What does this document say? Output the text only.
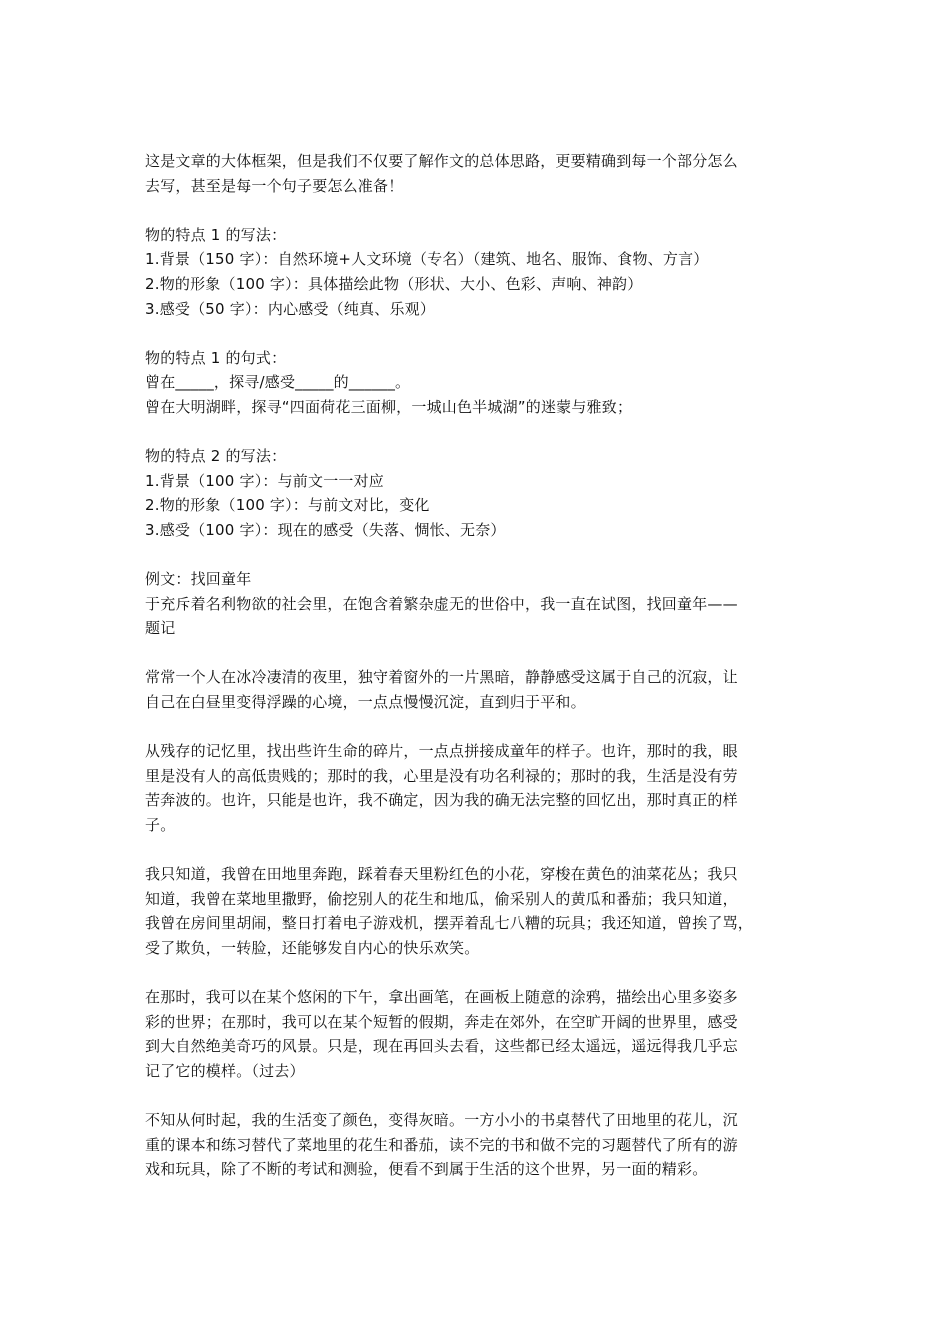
这是文章的大体框架，但是我们不仅要了解作文的总体思路，更要精确到每一个部分怎么
去写，甚至是每一个句子要怎么准备！
物的特点 1 的写法：
1.背景（150 字）：自然环境+人文环境（专名）（建筑、地名、服饰、食物、方言）
2.物的形象（100 字）：具体描绘此物（形状、大小、色彩、声响、神韵）
3.感受（50 字）：内心感受（纯真、乐观）
物的特点 1 的句式：
曾在_____，探寻/感受_____的______。
曾在大明湖畔，探寻“四面荷花三面柳，一城山色半城湖”的迷蒙与雅致；
物的特点 2 的写法：
1.背景（100 字）：与前文一一对应
2.物的形象（100 字）：与前文对比，变化
3.感受（100 字）：现在的感受（失落、惆怅、无奈）
例文：找回童年
于充斥着名利物欲的社会里，在饱含着繁杂虚无的世俗中，我一直在试图，找回童年——
题记
常常一个人在冰冷凄清的夜里，独守着窗外的一片黑暗，静静感受这属于自己的沉寂，让
自己在白昼里变得浮躁的心境，一点点慢慢沉淀，直到归于平和。
从残存的记忆里，找出些许生命的碎片，一点点拼接成童年的样子。也许，那时的我，眼
里是没有人的高低贵贱的；那时的我，心里是没有功名利禄的；那时的我，生活是没有劳
苦奔波的。也许，只能是也许，我不确定，因为我的确无法完整的回忆出，那时真正的样
子。
我只知道，我曾在田地里奔跑，踩着春天里粉红色的小花，穿梭在黄色的油菜花丛；我只
知道，我曾在菜地里撒野，偷挖别人的花生和地瓜，偷采别人的黄瓜和番茄；我只知道，
我曾在房间里胡闹，整日打着电子游戏机，摆弄着乱七八糟的玩具；我还知道，曾挨了骂，
受了欺负，一转脸，还能够发自内心的快乐欢笑。
在那时，我可以在某个悠闲的下午，拿出画笔，在画板上随意的涂鸦，描绘出心里多姿多
彩的世界；在那时，我可以在某个短暂的假期，奔走在郊外，在空旷开阔的世界里，感受
到大自然绝美奇巧的风景。只是，现在再回头去看，这些都已经太遥远，遥远得我几乎忘
记了它的模样。（过去）
不知从何时起，我的生活变了颜色，变得灰暗。一方小小的书桌替代了田地里的花儿，沉
重的课本和练习替代了菜地里的花生和番茄，读不完的书和做不完的习题替代了所有的游
戏和玩具，除了不断的考试和测验，便看不到属于生活的这个世界，另一面的精彩。
